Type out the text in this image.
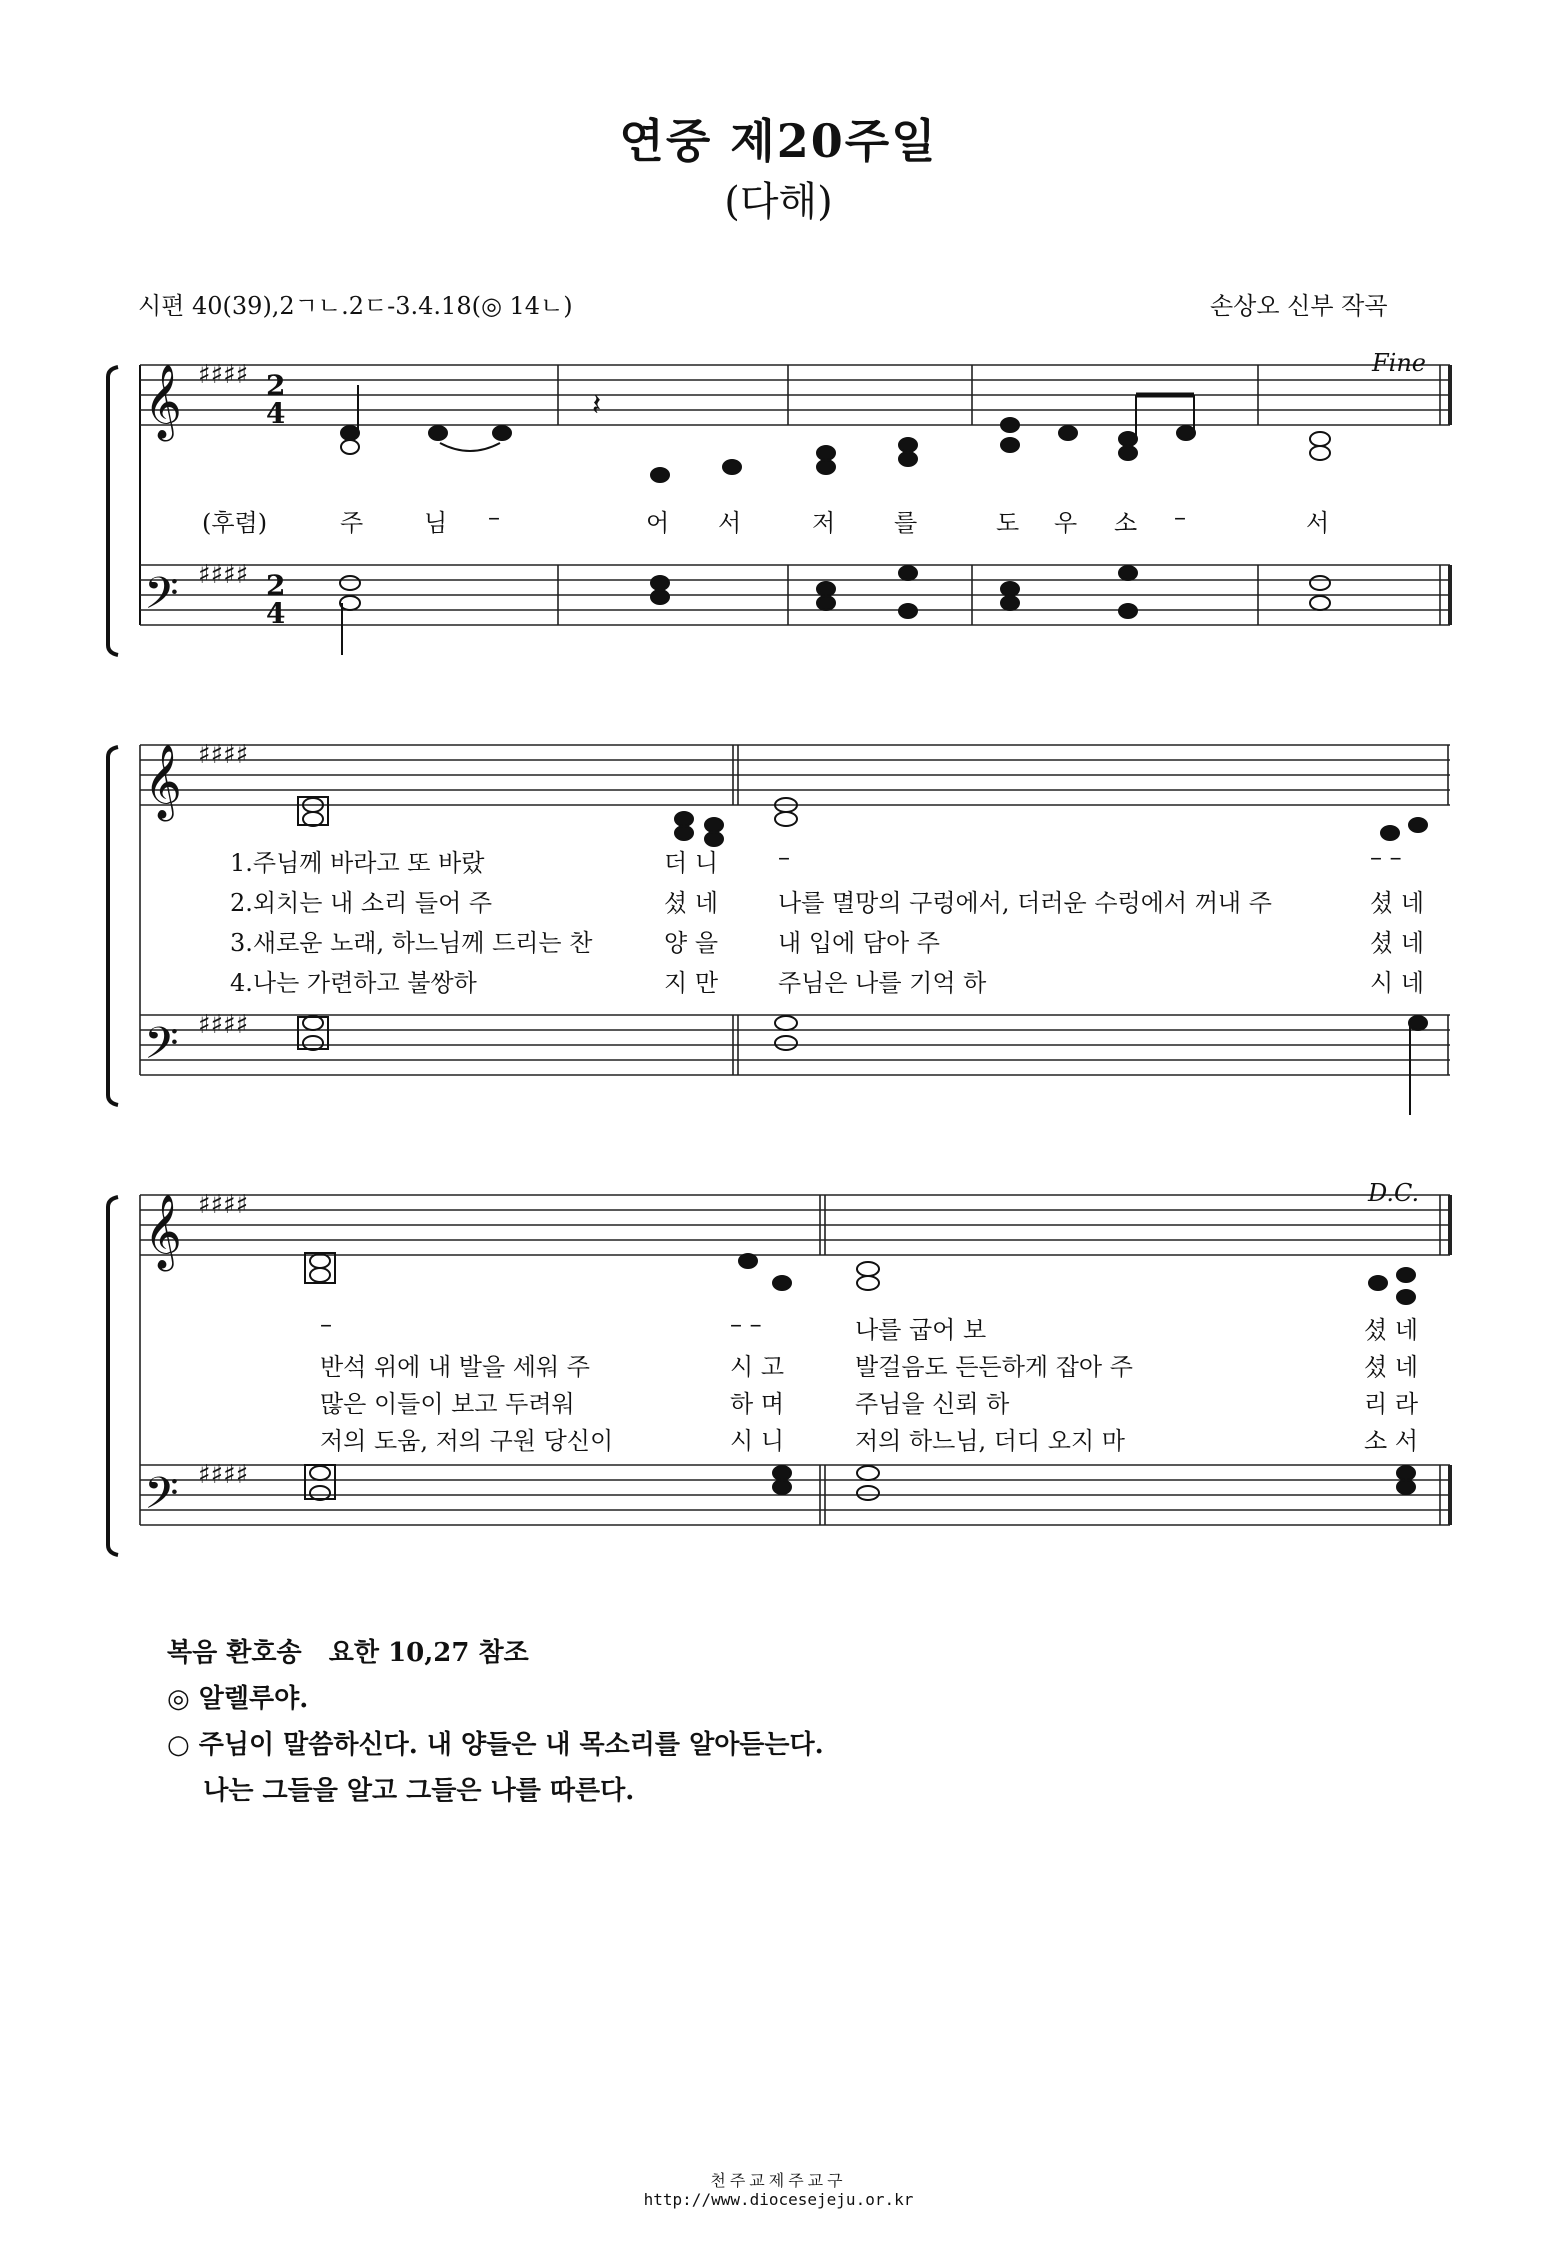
연중 제20주일
(다해)
시편 40(39),2ㄱㄴ.2ㄷ-3.4.18(◎ 14ㄴ)	손상오 신부 작곡
𝄞
𝄢
♯♯♯♯
♯♯♯♯
2
4
2
4
𝄽
Fine
(후렴)	주	님 –	어 서	저 를	도 우 소 –	서
𝄞
𝄢
♯♯♯♯
♯♯♯♯
1.주님께 바라고 또 바랐	더 니	–	– –
2.외치는 내 소리 들어 주	셨 네	나를 멸망의 구렁에서, 더러운 수렁에서 꺼내 주	셨 네
3.새로운 노래, 하느님께 드리는 찬	양 을	내 입에 담아 주	셨 네
4.나는 가련하고 불쌍하	지 만	주님은 나를 기억 하	시 네
𝄞
𝄢
♯♯♯♯
♯♯♯♯
D.C.
–	– –	나를 굽어 보	셨 네
반석 위에 내 발을 세워 주	시 고	발걸음도 든든하게 잡아 주	셨 네
많은 이들이 보고 두려워	하 며	주님을 신뢰 하	리 라
저의 도움, 저의 구원 당신이	시 니	저의 하느님, 더디 오지 마	소 서
복음 환호송   요한 10,27 참조
◎ 알렐루야.
○ 주님이 말씀하신다. 내 양들은 내 목소리를 알아듣는다.
나는 그들을 알고 그들은 나를 따른다.
천주교제주교구
http://www.diocesejeju.or.kr
